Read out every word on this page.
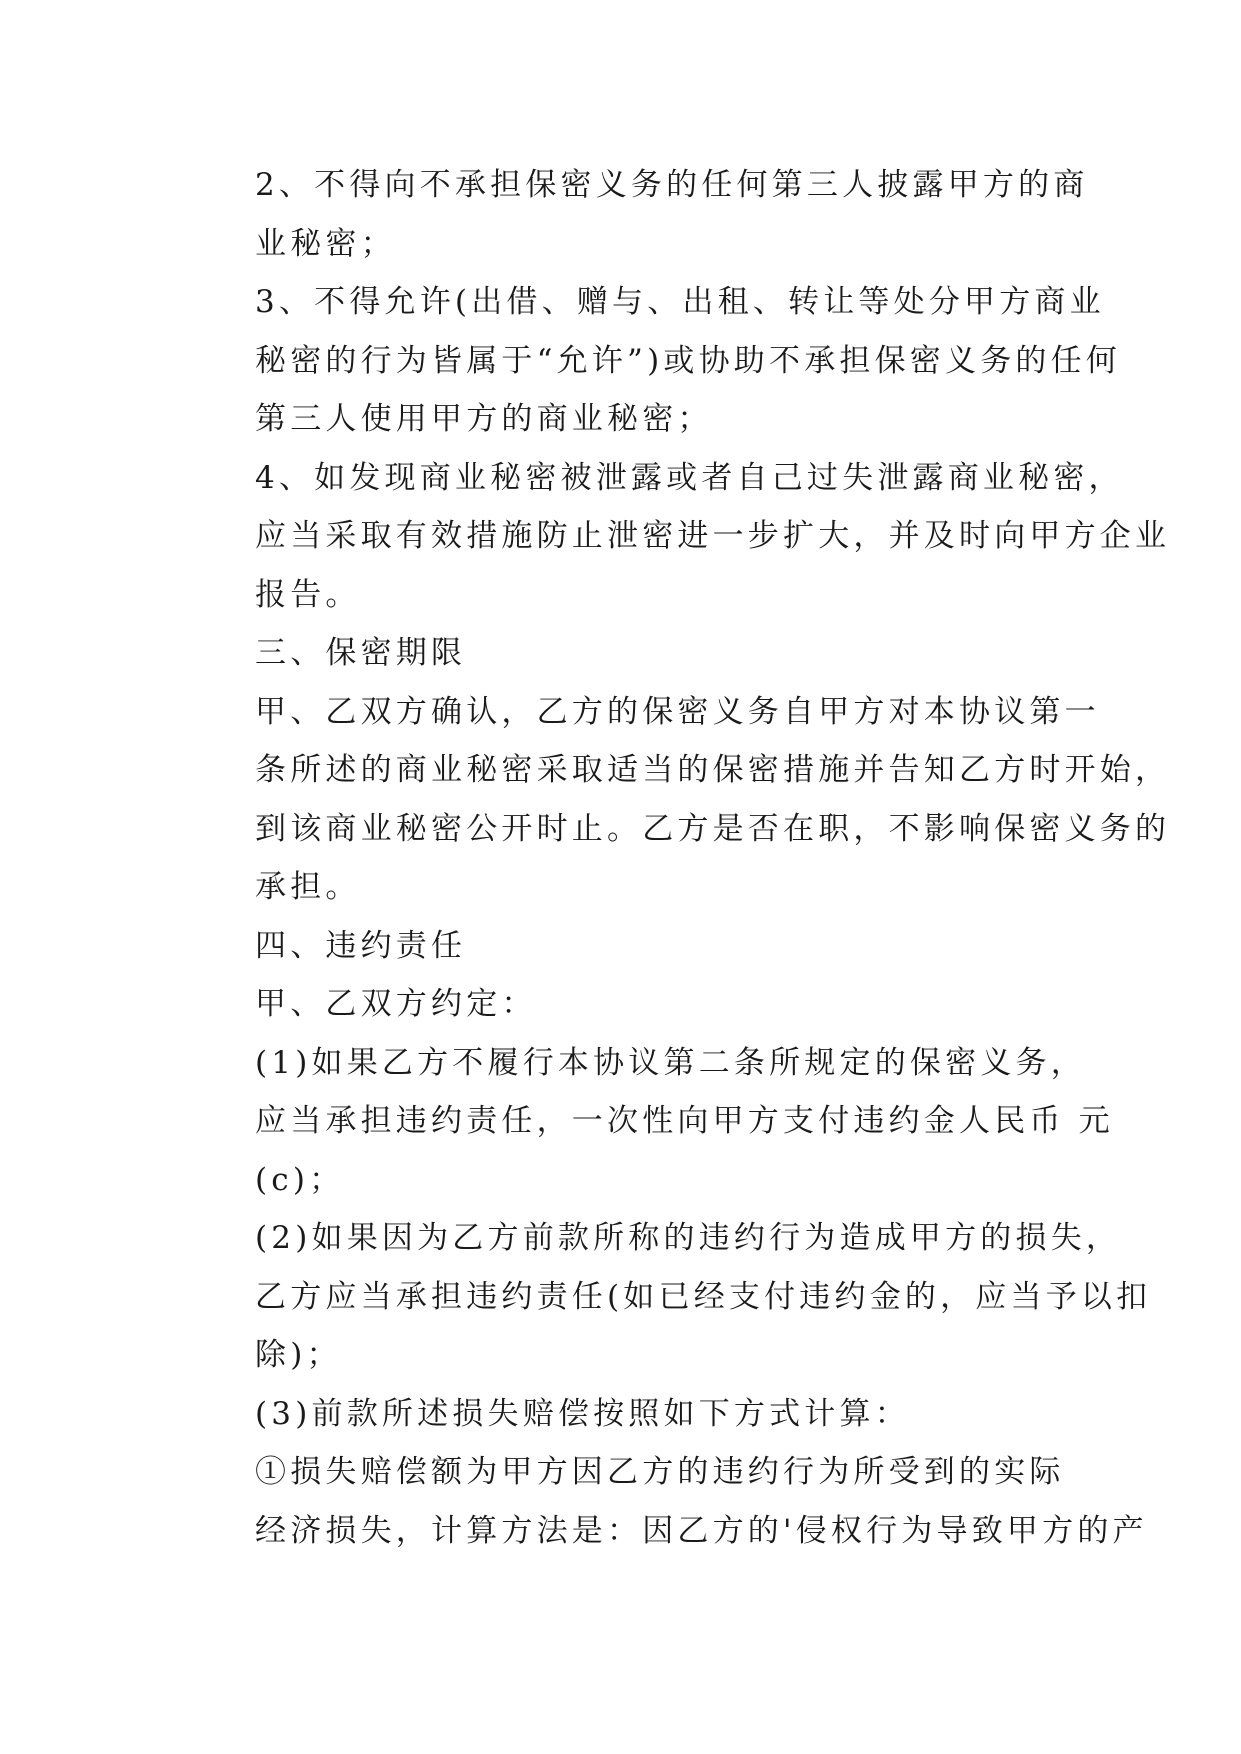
2、不得向不承担保密义务的任何第三人披露甲方的商
业秘密；

3、不得允许(出借、赠与、出租、转让等处分甲方商业
秘密的行为皆属于“允许”)或协助不承担保密义务的任何
第三人使用甲方的商业秘密；

4、如发现商业秘密被泄露或者自己过失泄露商业秘密，
应当采取有效措施防止泄密进一步扩大，并及时向甲方企业
报告。

三、保密期限

甲、乙双方确认，乙方的保密义务自甲方对本协议第一
条所述的商业秘密采取适当的保密措施并告知乙方时开始，
到该商业秘密公开时止。乙方是否在职，不影响保密义务的
承担。

四、违约责任

甲、乙双方约定：

(1)如果乙方不履行本协议第二条所规定的保密义务，
应当承担违约责任，一次性向甲方支付违约金人民币 元
(c)；

(2)如果因为乙方前款所称的违约行为造成甲方的损失，
乙方应当承担违约责任(如已经支付违约金的，应当予以扣
除)；

(3)前款所述损失赔偿按照如下方式计算：

①损失赔偿额为甲方因乙方的违约行为所受到的实际
经济损失，计算方法是：因乙方的'侵权行为导致甲方的产
